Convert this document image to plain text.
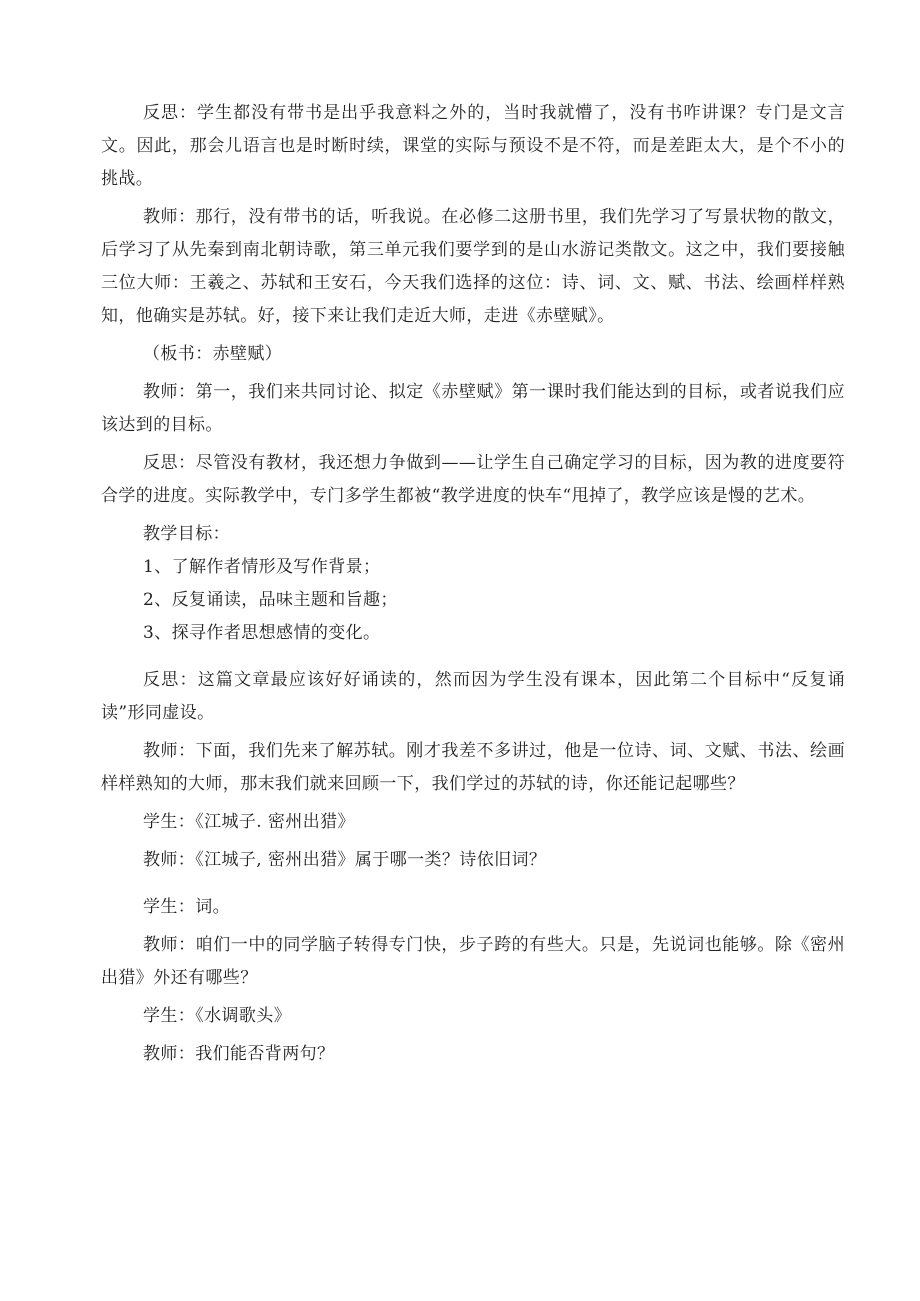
反思：学生都没有带书是出乎我意料之外的，当时我就懵了，没有书咋讲课？专门是文言文。因此，那会儿语言也是时断时续，课堂的实际与预设不是不符，而是差距太大，是个不小的挑战。

教师：那行，没有带书的话，听我说。在必修二这册书里，我们先学习了写景状物的散文，后学习了从先秦到南北朝诗歌，第三单元我们要学到的是山水游记类散文。这之中，我们要接触三位大师：王羲之、苏轼和王安石，今天我们选择的这位：诗、词、文、赋、书法、绘画样样熟知，他确实是苏轼。好，接下来让我们走近大师，走进《赤壁赋》。

（板书：赤壁赋）

教师：第一，我们来共同讨论、拟定《赤壁赋》第一课时我们能达到的目标，或者说我们应该达到的目标。

反思：尽管没有教材，我还想力争做到——让学生自己确定学习的目标，因为教的进度要符合学的进度。实际教学中，专门多学生都被“教学进度的快车“甩掉了，教学应该是慢的艺术。

教学目标：

1、了解作者情形及写作背景；

2、反复诵读，品味主题和旨趣；

3、探寻作者思想感情的变化。

反思：这篇文章最应该好好诵读的，然而因为学生没有课本，因此第二个目标中“反复诵读”形同虚设。

教师：下面，我们先来了解苏轼。刚才我差不多讲过，他是一位诗、词、文赋、书法、绘画样样熟知的大师，那末我们就来回顾一下，我们学过的苏轼的诗，你还能记起哪些？

学生：《江城子. 密州出猎》

教师：《江城子, 密州出猎》属于哪一类？诗依旧词？

学生：词。

教师：咱们一中的同学脑子转得专门快，步子跨的有些大。只是，先说词也能够。除《密州出猎》外还有哪些？

学生：《水调歌头》

教师：我们能否背两句？
